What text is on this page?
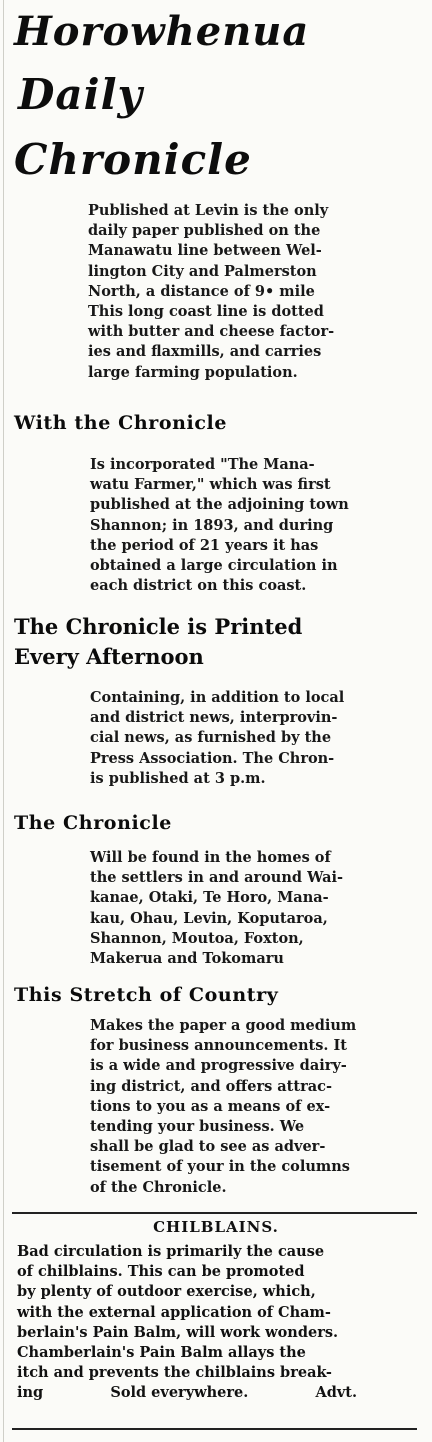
Horowhenua
Daily
Chronicle
Published at Levin is the only
daily paper published on the
Manawatu line between Wel-
lington City and Palmerston
North, a distance of 9• mile
This long coast line is dotted
with butter and cheese factor-
ies and flaxmills, and carries
large farming population.
With the Chronicle
Is incorporated "The Mana-
watu Farmer," which was first
published at the adjoining town
Shannon; in 1893, and during
the period of 21 years it has
obtained a large circulation in
each district on this coast.
The Chronicle is Printed
Every Afternoon
Containing, in addition to local
and district news, interprovin-
cial news, as furnished by the
Press Association. The Chron-
is published at 3 p.m.
The Chronicle
Will be found in the homes of
the settlers in and around Wai-
kanae, Otaki, Te Horo, Mana-
kau, Ohau, Levin, Koputaroa,
Shannon, Moutoa, Foxton,
Makerua and Tokomaru
This Stretch of Country
Makes the paper a good medium
for business announcements. It
is a wide and progressive dairy-
ing district, and offers attrac-
tions to you as a means of ex-
tending your business. We
shall be glad to see as adver-
tisement of your in the columns
of the Chronicle.
CHILBLAINS.
Bad circulation is primarily the cause
of chilblains. This can be promoted
by plenty of outdoor exercise, which,
with the external application of Cham-
berlain's Pain Balm, will work wonders.
Chamberlain's Pain Balm allays the
itch and prevents the chilblains break-
ing	Sold everywhere.	Advt.
